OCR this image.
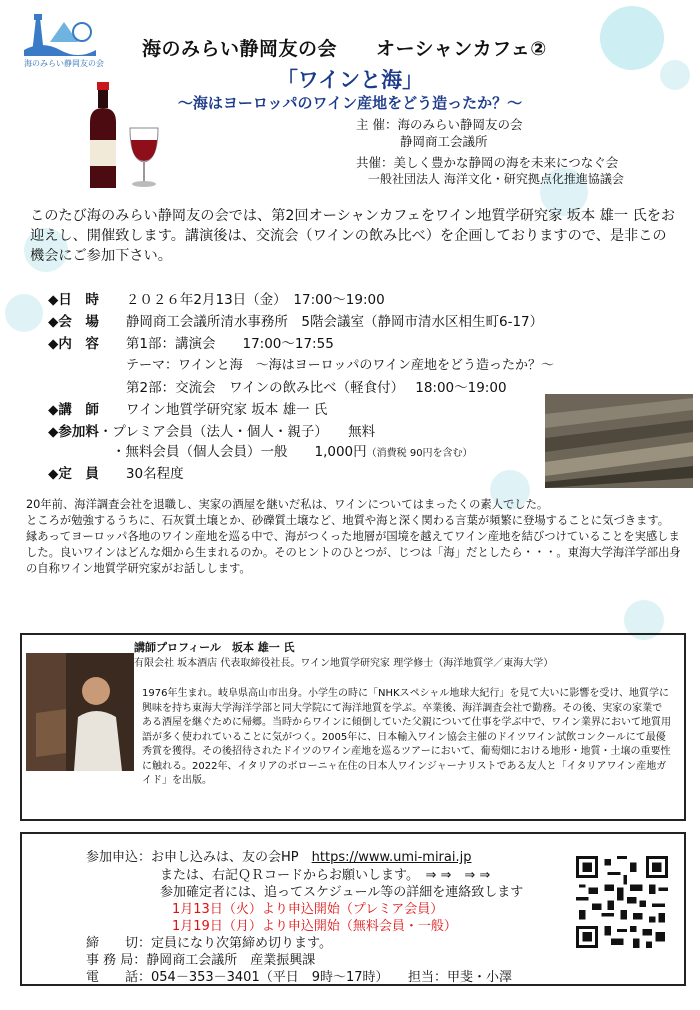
海のみらい静岡友の会
海のみらい静岡友の会　　オーシャンカフェ②
「ワインと海」
～海はヨーロッパのワイン産地をどう造ったか？～
主 催：海のみらい静岡友の会
静岡商工会議所
共催：美しく豊かな静岡の海を未来につなぐ会
一般社団法人 海洋文化・研究拠点化推進協議会
このたび海のみらい静岡友の会では、第2回オーシャンカフェをワイン地質学研究家 坂本 雄一 氏をお迎えし、開催致します。講演後は、交流会（ワインの飲み比べ）を企画しておりますので、是非この機会にご参加下さい。
◆日　時　　 ２０２６年2月13日（金）　17:00～19:00
◆会　場　　 静岡商工会議所清水事務所　5階会議室（静岡市清水区相生町6-17）
◆内　容　　 第1部：講演会　　17:00～17:55
テーマ：ワインと海　～海はヨーロッパのワイン産地をどう造ったか？～
第2部：交流会　ワインの飲み比べ（軽食付）　 18:00～19:00
◆講　師　　 ワイン地質学研究家 坂本 雄一 氏
◆参加料・プレミア会員（法人・個人・親子）　　無料
・無料会員（個人会員）一般　　1,000円（消費税 90円を含む）
◆定　員　　 30名程度
20年前、海洋調査会社を退職し、実家の酒屋を継いだ私は、ワインについてはまったくの素人でした。
ところが勉強するうちに、石灰質土壌とか、砂礫質土壌など、地質や海と深く関わる言葉が頻繁に登場することに気づきます。
縁あってヨーロッパ各地のワイン産地を巡る中で、海がつくった地層が国境を越えてワイン産地を結びつけていることを実感しました。良いワインはどんな畑から生まれるのか。そのヒントのひとつが、じつは「海」だとしたら・・・。東海大学海洋学部出身の自称ワイン地質学研究家がお話しします。
講師プロフィール　坂本 雄一 氏
有限会社 坂本酒店 代表取締役社長。ワイン地質学研究家 理学修士（海洋地質学／東海大学）
1976年生まれ。岐阜県高山市出身。小学生の時に「NHKスペシャル地球大紀行」を見て大いに影響を受け、地質学に興味を持ち東海大学海洋学部と同大学院にて海洋地質を学ぶ。卒業後、海洋調査会社で勤務。その後、実家の家業である酒屋を継ぐために帰郷。当時からワインに傾倒していた父親について仕事を学ぶ中で、ワイン業界において地質用語が多く使われていることに気がつく。2005年に、日本輸入ワイン協会主催のドイツワイン試飲コンクールにて最優秀賞を獲得。その後招待されたドイツのワイン産地を巡るツアーにおいて、葡萄畑における地形・地質・土壌の重要性に触れる。2022年、イタリアのボローニャ在住の日本人ワインジャーナリストである友人と「イタリアワイン産地ガイド」を出版。
参加申込：お申し込みは、友の会HP　https://www.umi-mirai.jp
または、右記ＱＲコードからお願いします。　⇒ ⇒　⇒ ⇒
参加確定者には、追ってスケジュール等の詳細を連絡致します
1月13日（火）より申込開始（プレミア会員）
1月19日（月）より申込開始（無料会員・一般）
締　　切：定員になり次第締め切ります。
事 務 局：静岡商工会議所　産業振興課
電　　話：054－353－3401（平日　9時～17時）　　担当：甲斐・小澤
